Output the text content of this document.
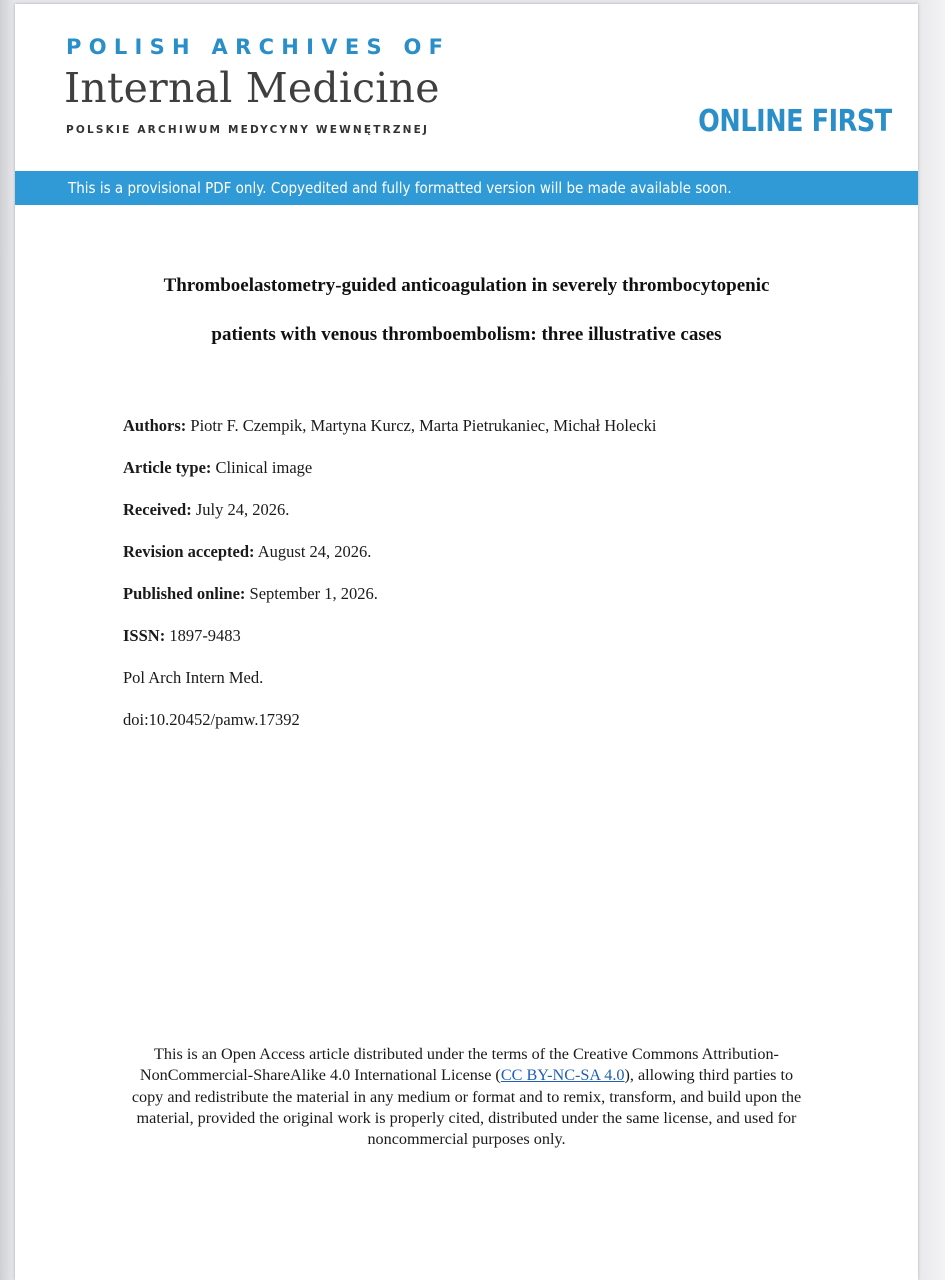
POLISH ARCHIVES OF
Internal Medicine
POLSKIE ARCHIWUM MEDYCYNY WEWNĘTRZNEJ	ONLINE FIRST
This is a provisional PDF only. Copyedited and fully formatted version will be made available soon.
Thromboelastometry-guided anticoagulation in severely thrombocytopenic
patients with venous thromboembolism: three illustrative cases
Authors: Piotr F. Czempik, Martyna Kurcz, Marta Pietrukaniec, Michał Holecki
Article type: Clinical image
Received: July 24, 2026.
Revision accepted: August 24, 2026.
Published online: September 1, 2026.
ISSN: 1897-9483
Pol Arch Intern Med.
doi:10.20452/pamw.17392
This is an Open Access article distributed under the terms of the Creative Commons Attribution-NonCommercial-ShareAlike 4.0 International License (CC BY-NC-SA 4.0), allowing third parties to copy and redistribute the material in any medium or format and to remix, transform, and build upon the material, provided the original work is properly cited, distributed under the same license, and used for noncommercial purposes only.
